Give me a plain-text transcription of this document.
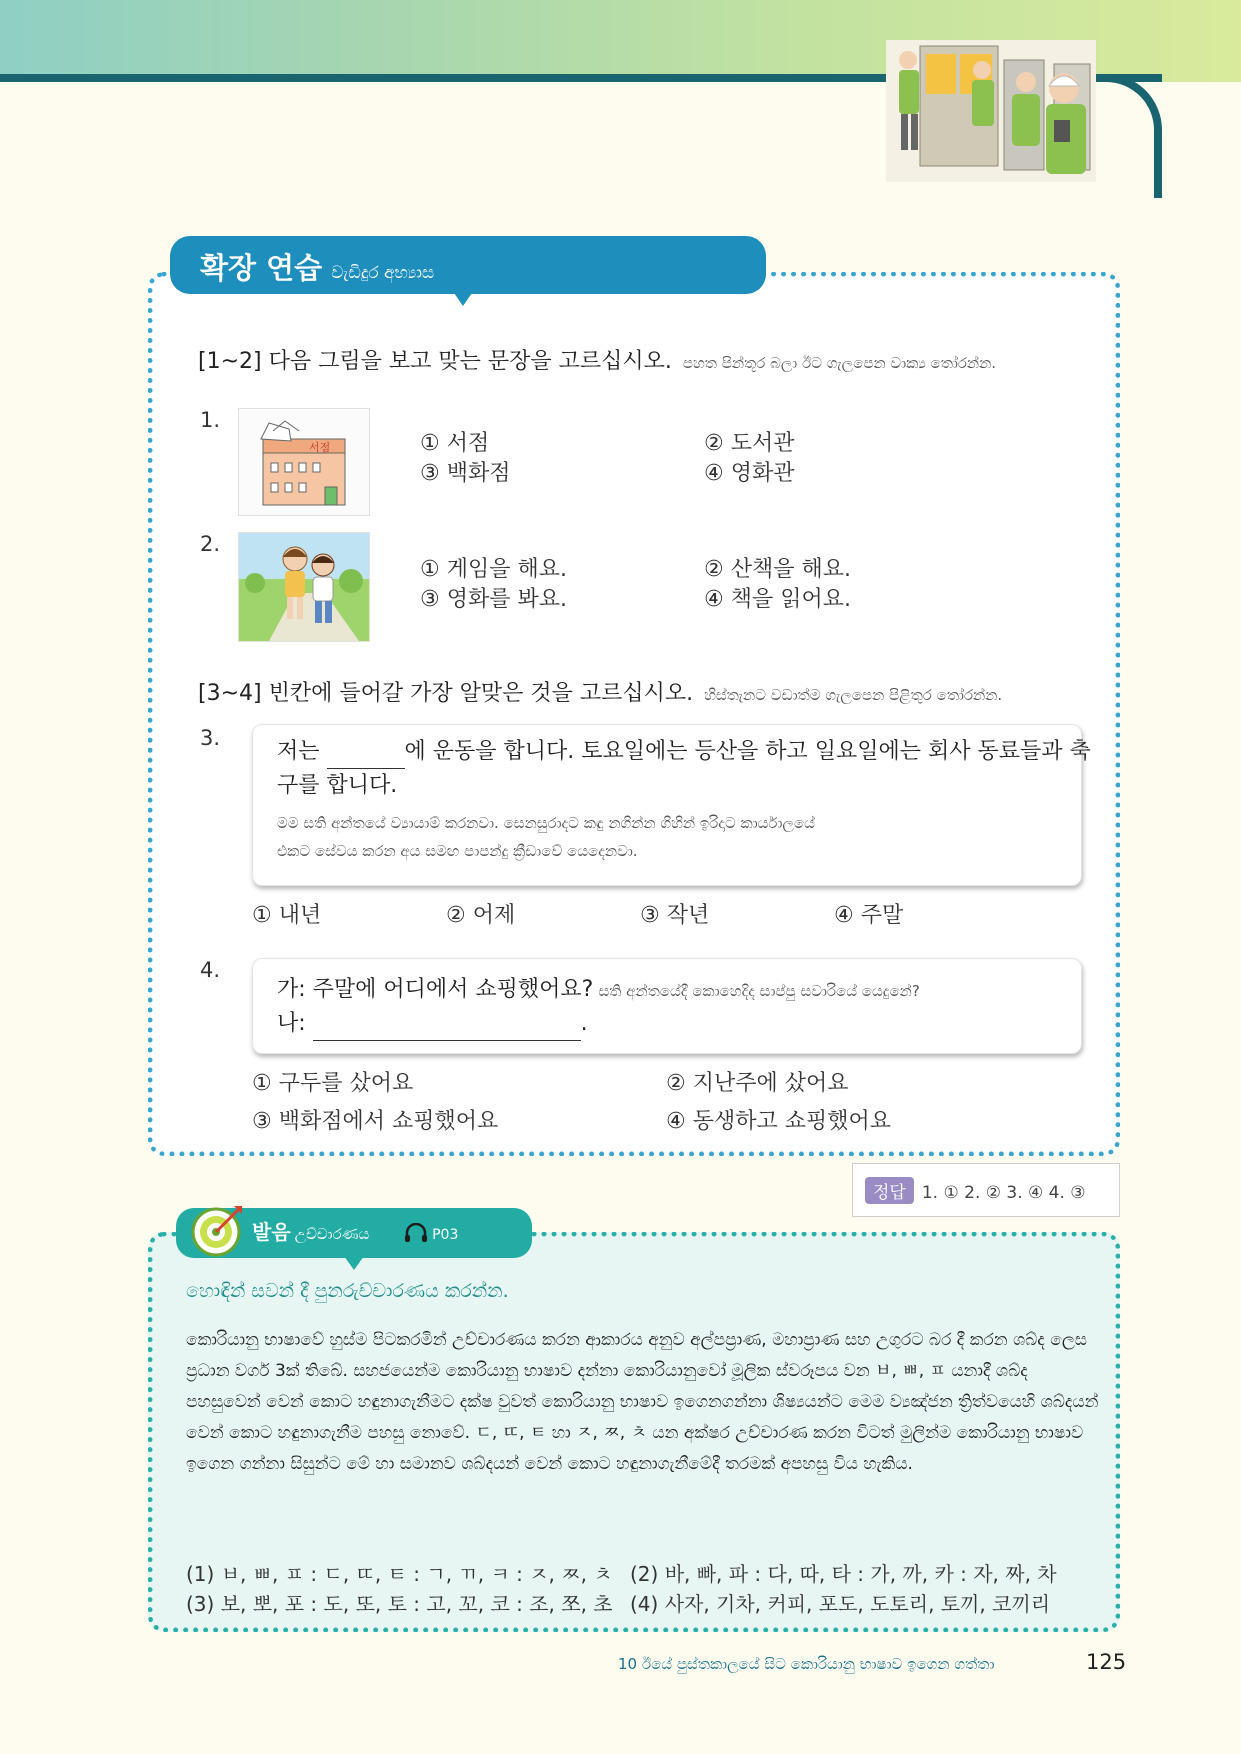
확장 연습 වැඩිදුර අභ්‍යාස
[1~2] 다음 그림을 보고 맞는 문장을 고르십시오. පහත පින්තූර බලා ඊට ගැලපෙන වාක්‍ය තෝරන්න.
1.
서점	① 서점	② 도서관
③ 백화점	④ 영화관
2.
① 게임을 해요.	② 산책을 해요.
③ 영화를 봐요.	④ 책을 읽어요.
[3~4] 빈칸에 들어갈 가장 알맞은 것을 고르십시오. හිස්තැනට වඩාත්ම ගැලපෙන පිළිතුර තෝරන්න.
3.
저는	에 운동을 합니다. 토요일에는 등산을 하고 일요일에는 회사 동료들과 축
구를 합니다.
මම සති අන්තයේ ව්‍යායාම් කරනවා. සෙනසුරාදට කඳු නගින්න ගිහින් ඉරිදාට කාර්යාලයේ
එකට සේවය කරන අය සමඟ පාපන්දු ක්‍රීඩාවේ යෙදෙනවා.
① 내년	② 어제	③ 작년	④ 주말
4.
가: 주말에 어디에서 쇼핑했어요? සති අන්තයේදී කොහෙදිද සාප්පු සවාරියේ යෙදුනේ?
나:	.
① 구두를 샀어요	② 지난주에 샀어요
③ 백화점에서 쇼핑했어요	④ 동생하고 쇼핑했어요
정답 1. ① 2. ② 3. ④ 4. ③
발음 උච්චාරණය	P03
හොඳින් සවන් දී පුනරුච්චාරණය කරන්න.
කොරියානු භාෂාවේ හුස්ම පිටකරමින් උච්චාරණය කරන ආකාරය අනුව අල්පප්‍රාණ, මහාප්‍රාණ සහ උගුරට බර දී කරන ශබ්ද ලෙස ප්‍රධාන වර්ග 3ක් තිබේ. සහජයෙන්ම කොරියානු භාෂාව දන්නා කොරියානුවෝ මූලික ස්වරූපය වන ㅂ, ㅃ, ㅍ යනාදී ශබ්ද පහසුවෙන් වෙන් කොට හඳුනාගැනීමට දක්ෂ වුවත් කොරියානු භාෂාව ඉගෙනගන්නා ශිෂ්‍යයන්ට මෙම ව්‍යඤ්ජන ත්‍රිත්වයෙහි ශබ්දයන් වෙන් කොට හඳුනාගැනීම පහසු නොවේ. ㄷ, ㄸ, ㅌ හා ㅈ, ㅉ, ㅊ යන අක්ෂර උච්චාරණ කරන විටත් මුලින්ම කොරියානු භාෂාව ඉගෙන ගන්නා සිසුන්ට මේ හා සමානව ශබ්දයන් වෙන් කොට හඳුනාගැනීමේදී තරමක් අපහසු විය හැකිය.
(1) ㅂ, ㅃ, ㅍ : ㄷ, ㄸ, ㅌ : ㄱ, ㄲ, ㅋ : ㅈ, ㅉ, ㅊ (2) 바, 빠, 파 : 다, 따, 타 : 가, 까, 카 : 자, 짜, 차
(3) 보, 뽀, 포 : 도, 또, 토 : 고, 꼬, 코 : 조, 쪼, 초 (4) 사자, 기차, 커피, 포도, 도토리, 토끼, 코끼리
10 ඊයේ පුස්තකාලයේ සිට කොරියානු භාෂාව ඉගෙන ගත්තා	125
